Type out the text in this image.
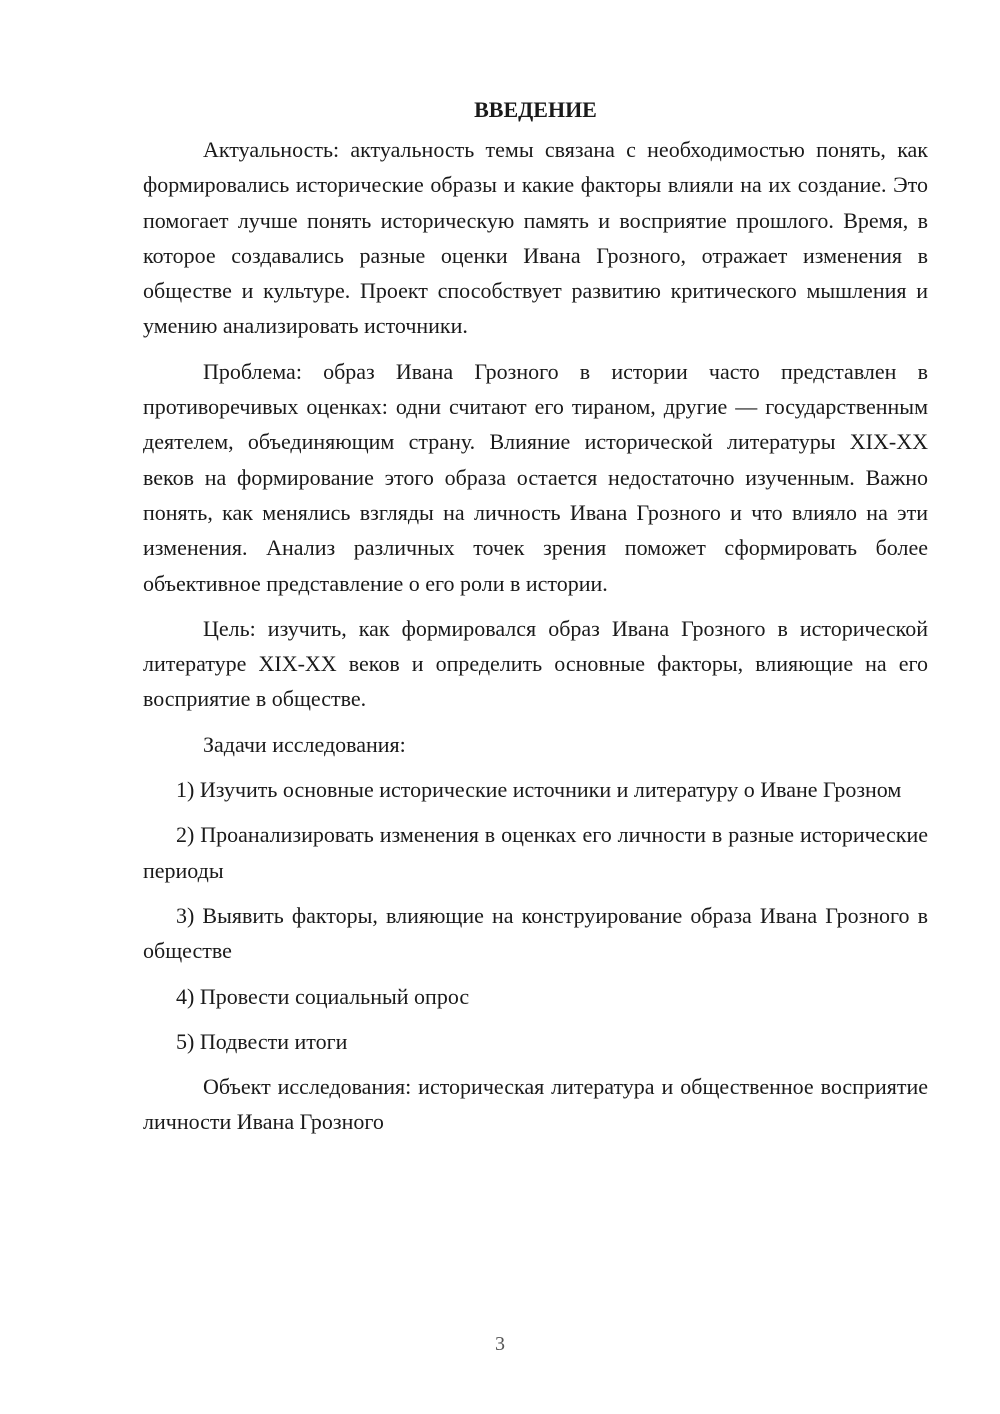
ВВЕДЕНИЕ

Актуальность: актуальность темы связана с необходимостью понять, как формировались исторические образы и какие факторы влияли на их создание. Это помогает лучше понять историческую память и восприятие прошлого. Время, в которое создавались разные оценки Ивана Грозного, отражает изменения в обществе и культуре. Проект способствует развитию критического мышления и умению анализировать источники.

Проблема: образ Ивана Грозного в истории часто представлен в противоречивых оценках: одни считают его тираном, другие — государственным деятелем, объединяющим страну. Влияние исторической литературы XIX-XX веков на формирование этого образа остается недостаточно изученным. Важно понять, как менялись взгляды на личность Ивана Грозного и что влияло на эти изменения. Анализ различных точек зрения поможет сформировать более объективное представление о его роли в истории.

Цель: изучить, как формировался образ Ивана Грозного в исторической литературе XIX-XX веков и определить основные факторы, влияющие на его восприятие в обществе.

Задачи исследования:

1) Изучить основные исторические источники и литературу о Иване Грозном

2) Проанализировать изменения в оценках его личности в разные исторические периоды

3) Выявить факторы, влияющие на конструирование образа Ивана Грозного в обществе

4) Провести социальный опрос

5) Подвести итоги

Объект исследования: историческая литература и общественное восприятие личности Ивана Грозного

3
